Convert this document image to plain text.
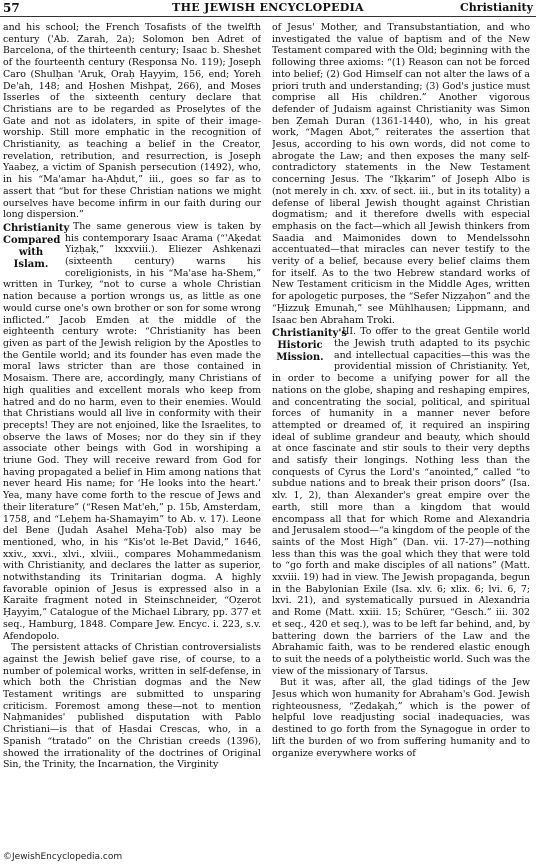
57	THE JEWISH ENCYCLOPEDIA	Christianity

and his school; the French Tosafists of the twelfth century ('Ab. Zarah, 2a); Solomon ben Adret of Barcelona, of the thirteenth century; Isaac b. Sheshet of the fourteenth century (Responsa No. 119); Joseph Caro (Shulḥan 'Aruk, Oraḥ Ḥayyim, 156, end; Yoreh De'ah, 148; and Ḥoshen Mishpaṭ, 266), and Moses Isserles of the sixteenth century declare that Christians are to be regarded as Proselytes of the Gate and not as idolaters, in spite of their image-worship. Still more emphatic in the recognition of Christianity, as teaching a belief in the Creator, revelation, retribution, and resurrection, is Joseph Yaabeẓ, a victim of Spanish persecution (1492), who, in his “Ma'amar ha-Aḥdut,” iii., goes so far as to assert that “but for these Christian nations we might ourselves have become infirm in our faith during our long dispersion.”

Christianity Compared with Islam.

The same generous view is taken by his contemporary Isaac Arama (“'Aḳedat Yiẓḥaḳ,” lxxxviii.). Eliezer Ashkenazi (sixteenth century) warns his coreligionists, in his “Ma'ase ha-Shem,” written in Turkey, “not to curse a whole Christian nation because a portion wrongs us, as little as one would curse one's own brother or son for some wrong inflicted.” Jacob Emden at the middle of the eighteenth century wrote: “Christianity has been given as part of the Jewish religion by the Apostles to the Gentile world; and its founder has even made the moral laws stricter than are those contained in Mosaism. There are, accordingly, many Christians of high qualities and excellent morals who keep from hatred and do no harm, even to their enemies. Would that Christians would all live in conformity with their precepts! They are not enjoined, like the Israelites, to observe the laws of Moses; nor do they sin if they associate other beings with God in worshiping a triune God. They will receive reward from God for having propagated a belief in Him among nations that never heard His name; for ‘He looks into the heart.’ Yea, many have come forth to the rescue of Jews and their literature” (“Resen Mat'eh,” p. 15b, Amsterdam, 1758, and “Leḥem ha-Shamayim” to Ab. v. 17). Leone del Bene (Judah Asahel Meha-Ṭob) also may be mentioned, who, in his “Kis'ot le-Bet David,” 1646, xxiv., xxvi., xlvi., xlviii., compares Mohammedanism with Christianity, and declares the latter as superior, notwithstanding its Trinitarian dogma. A highly favorable opinion of Jesus is expressed also in a Karaite fragment noted in Steinschneider, “Oẓerot Ḥayyim,” Catalogue of the Michael Library, pp. 377 et seq., Hamburg, 1848. Compare Jew. Encyc. i. 223, s.v. Afendopolo.

The persistent attacks of Christian controversialists against the Jewish belief gave rise, of course, to a number of polemical works, written in self-defense, in which both the Christian dogmas and the New Testament writings are submitted to unsparing criticism. Foremost among these—not to mention Naḥmanides' published disputation with Pablo Christiani—is that of Ḥasdai Crescas, who, in a Spanish “tratado” on the Christian creeds (1396), showed the irrationality of the doctrines of Original Sin, the Trinity, the Incarnation, the Virginity

of Jesus' Mother, and Transubstantiation, and who investigated the value of baptism and of the New Testament compared with the Old; beginning with the following three axioms: “(1) Reason can not be forced into belief; (2) God Himself can not alter the laws of a priori truth and understanding; (3) God's justice must comprise all His children.” Another vigorous defender of Judaism against Christianity was Simon ben Ẓemah Duran (1361-1440), who, in his great work, “Magen Abot,” reiterates the assertion that Jesus, according to his own words, did not come to abrogate the Law; and then exposes the many self-contradictory statements in the New Testament concerning Jesus. The “Iḳḳarim” of Joseph Albo is (not merely in ch. xxv. of sect. iii., but in its totality) a defense of liberal Jewish thought against Christian dogmatism; and it therefore dwells with especial emphasis on the fact—which all Jewish thinkers from Saadia and Maimonides down to Mendelssohn accentuated—that miracles can never testify to the verity of a belief, because every belief claims them for itself. As to the two Hebrew standard works of New Testament criticism in the Middle Ages, written for apologetic purposes, the “Sefer Niẓẓaḥon” and the “Ḥizzuḳ Emunah,” see Mühlhausen; Lippmann, and Isaac ben Abraham Troki.

Christianity's Historic Mission.

III. To offer to the great Gentile world the Jewish truth adapted to its psychic and intellectual capacities—this was the providential mission of Christianity. Yet, in order to become a unifying power for all the nations on the globe, shaping and reshaping empires, and concentrating the social, political, and spiritual forces of humanity in a manner never before attempted or dreamed of, it required an inspiring ideal of sublime grandeur and beauty, which should at once fascinate and stir souls to their very depths and satisfy their longings. Nothing less than the conquests of Cyrus the Lord's “anointed,” called “to subdue nations and to break their prison doors” (Isa. xlv. 1, 2), than Alexander's great empire over the earth, still more than a kingdom that would encompass all that for which Rome and Alexandria and Jerusalem stood—“a kingdom of the people of the saints of the Most High” (Dan. vii. 17-27)—nothing less than this was the goal which they that were told to “go forth and make disciples of all nations” (Matt. xxviii. 19) had in view. The Jewish propaganda, begun in the Babylonian Exile (Isa. xlv. 6; xlix. 6; lvi. 6, 7; lxvi. 21), and systematically pursued in Alexandria and Rome (Matt. xxiii. 15; Schürer, “Gesch.” iii. 302 et seq., 420 et seq.), was to be left far behind, and, by battering down the barriers of the Law and the Abrahamic faith, was to be rendered elastic enough to suit the needs of a polytheistic world. Such was the view of the missionary of Tarsus.

But it was, after all, the glad tidings of the Jew Jesus which won humanity for Abraham's God. Jewish righteousness, “Ẓedaḳah,” which is the power of helpful love readjusting social inadequacies, was destined to go forth from the Synagogue in order to lift the burden of wo from suffering humanity and to organize everywhere works of

©JewishEncyclopedia.com
